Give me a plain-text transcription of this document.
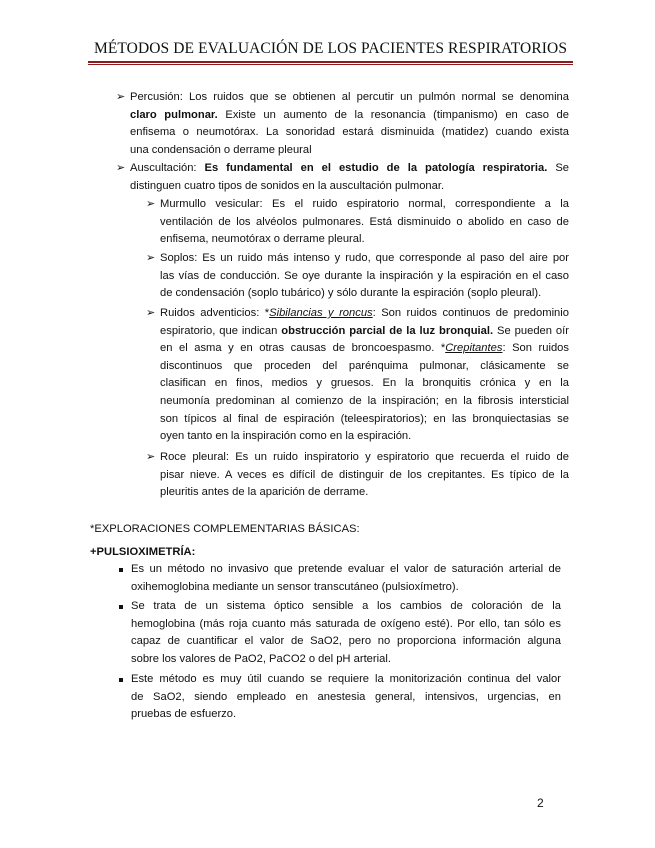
MÉTODOS DE EVALUACIÓN DE LOS PACIENTES RESPIRATORIOS
➢ Percusión: Los ruidos que se obtienen al percutir un pulmón normal se denomina
claro pulmonar. Existe un aumento de la resonancia (timpanismo) en caso de
enfisema o neumotórax. La sonoridad estará disminuida (matidez) cuando exista
una condensación o derrame pleural
➢ Auscultación: Es fundamental en el estudio de la patología respiratoria. Se
distinguen cuatro tipos de sonidos en la auscultación pulmonar.
➢ Murmullo vesicular: Es el ruido espiratorio normal, correspondiente a la
ventilación de los alvéolos pulmonares. Está disminuido o abolido en caso de
enfisema, neumotórax o derrame pleural.
➢ Soplos: Es un ruido más intenso y rudo, que corresponde al paso del aire por
las vías de conducción. Se oye durante la inspiración y la espiración en el caso
de condensación (soplo tubárico) y sólo durante la espiración (soplo pleural).
➢ Ruidos adventicios: *Sibilancias y roncus: Son ruidos continuos de predominio
espiratorio, que indican obstrucción parcial de la luz bronquial. Se pueden oír
en el asma y en otras causas de broncoespasmo. *Crepitantes: Son ruidos
discontinuos que proceden del parénquima pulmonar, clásicamente se
clasifican en finos, medios y gruesos. En la bronquitis crónica y en la
neumonía predominan al comienzo de la inspiración; en la fibrosis intersticial
son típicos al final de espiración (teleespiratorios); en las bronquiectasias se
oyen tanto en la inspiración como en la espiración.
➢ Roce pleural: Es un ruido inspiratorio y espiratorio que recuerda el ruido de
pisar nieve. A veces es difícil de distinguir de los crepitantes. Es típico de la
pleuritis antes de la aparición de derrame.
*EXPLORACIONES COMPLEMENTARIAS BÁSICAS:
+PULSIOXIMETRÍA:
Es un método no invasivo que pretende evaluar el valor de saturación arterial de
oxihemoglobina mediante un sensor transcutáneo (pulsioxímetro).
Se trata de un sistema óptico sensible a los cambios de coloración de la
hemoglobina (más roja cuanto más saturada de oxígeno esté). Por ello, tan sólo es
capaz de cuantificar el valor de SaO2, pero no proporciona información alguna
sobre los valores de PaO2, PaCO2 o del pH arterial.
Este método es muy útil cuando se requiere la monitorización continua del valor
de SaO2, siendo empleado en anestesia general, intensivos, urgencias, en
pruebas de esfuerzo.
2
